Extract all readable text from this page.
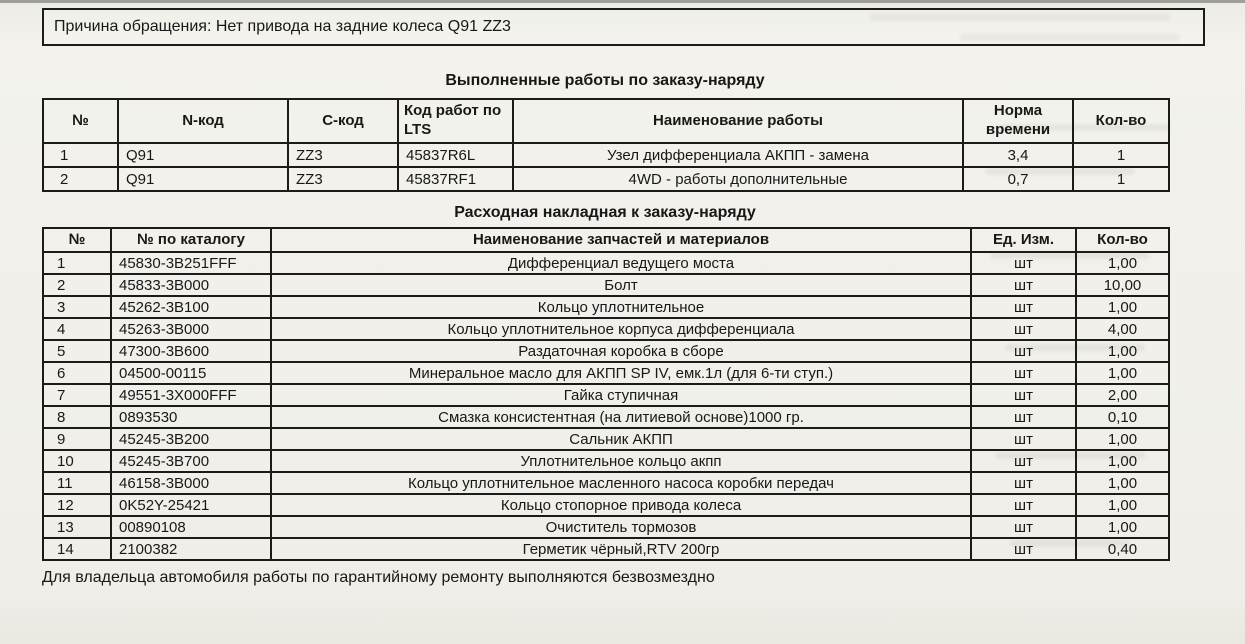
Причина обращения: Нет привода на задние колеса Q91 ZZ3
Выполненные работы по заказу-наряду
№	N-код	С-код	Код работ по LTS	Наименование работы	Норма времени	Кол-во
1	Q91	ZZ3	45837R6L	Узел дифференциала АКПП - замена	3,4	1
2	Q91	ZZ3	45837RF1	4WD - работы дополнительные	0,7	1
Расходная накладная к заказу-наряду
№	№ по каталогу	Наименование запчастей и материалов	Ед. Изм.	Кол-во
1	45830-3B251FFF	Дифференциал ведущего моста	шт	1,00
2	45833-3B000	Болт	шт	10,00
3	45262-3B100	Кольцо уплотнительное	шт	1,00
4	45263-3B000	Кольцо уплотнительное корпуса дифференциала	шт	4,00
5	47300-3B600	Раздаточная коробка в сборе	шт	1,00
6	04500-00115	Минеральное масло для АКПП SP IV, емк.1л (для 6-ти ступ.)	шт	1,00
7	49551-3X000FFF	Гайка ступичная	шт	2,00
8	0893530	Смазка консистентная (на литиевой основе)1000 гр.	шт	0,10
9	45245-3B200	Сальник АКПП	шт	1,00
10	45245-3B700	Уплотнительное кольцо акпп	шт	1,00
11	46158-3B000	Кольцо уплотнительное масленного насоса коробки передач	шт	1,00
12	0K52Y-25421	Кольцо стопорное привода колеса	шт	1,00
13	00890108	Очиститель тормозов	шт	1,00
14	2100382	Герметик чёрный,RTV 200гр	шт	0,40
Для владельца автомобиля работы по гарантийному ремонту выполняются безвозмездно
